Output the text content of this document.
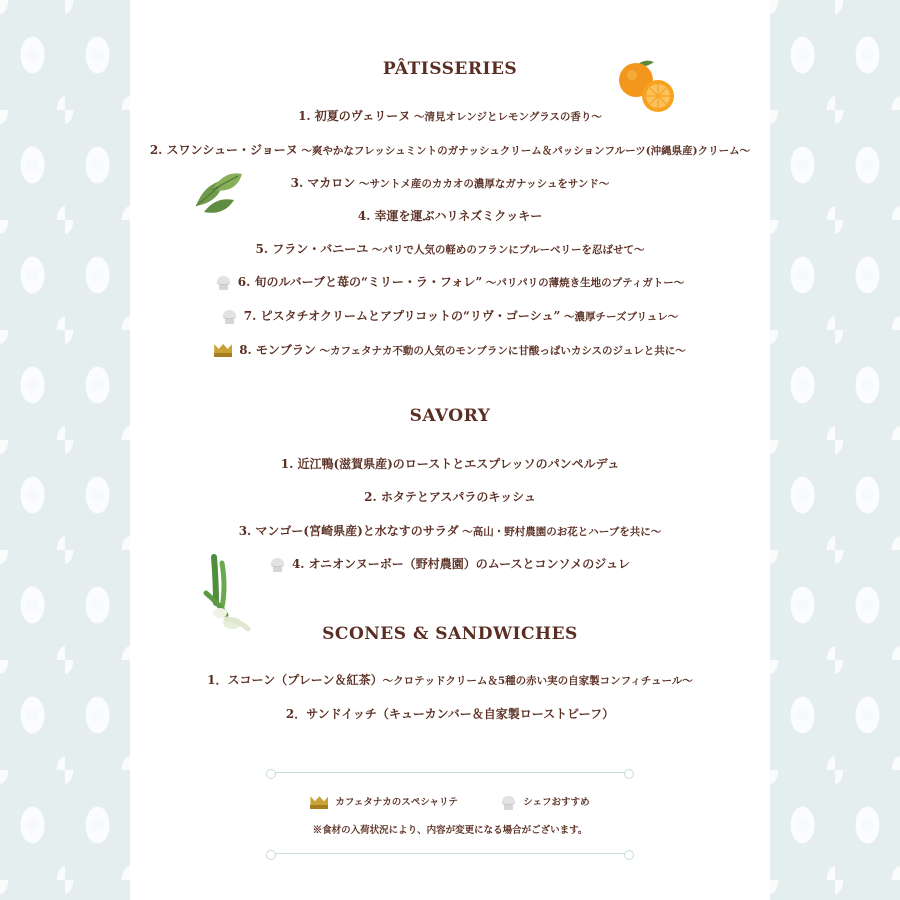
PÂTISSERIES
1. 初夏のヴェリーヌ ～清見オレンジとレモングラスの香り～
2. スワンシュー・ジョーヌ ～爽やかなフレッシュミントのガナッシュクリーム＆パッションフルーツ(沖縄県産)クリーム～
3. マカロン ～サントメ産のカカオの濃厚なガナッシュをサンド～
4. 幸運を運ぶハリネズミクッキー
5. フラン・バニーユ ～パリで人気の軽めのフランにブルーベリーを忍ばせて～
6. 旬のルバーブと苺の“ミリー・ラ・フォレ” ～パリパリの薄焼き生地のプティガトー～
7. ピスタチオクリームとアプリコットの“リヴ・ゴーシュ” ～濃厚チーズブリュレ～
8. モンブラン ～カフェタナカ不動の人気のモンブランに甘酸っぱいカシスのジュレと共に～
SAVORY
1. 近江鴨(滋賀県産)のローストとエスプレッソのパンペルデュ
2. ホタテとアスパラのキッシュ
3. マンゴー(宮崎県産)と水なすのサラダ ～高山・野村農園のお花とハーブを共に～
4. オニオンヌーボー（野村農園）のムースとコンソメのジュレ
SCONES & SANDWICHES
1．スコーン（プレーン＆紅茶）～クロテッドクリーム＆5種の赤い実の自家製コンフィチュール～
2．サンドイッチ（キューカンバー＆自家製ローストビーフ）
カフェタナカのスペシャリテ	シェフおすすめ
※食材の入荷状況により、内容が変更になる場合がございます。
